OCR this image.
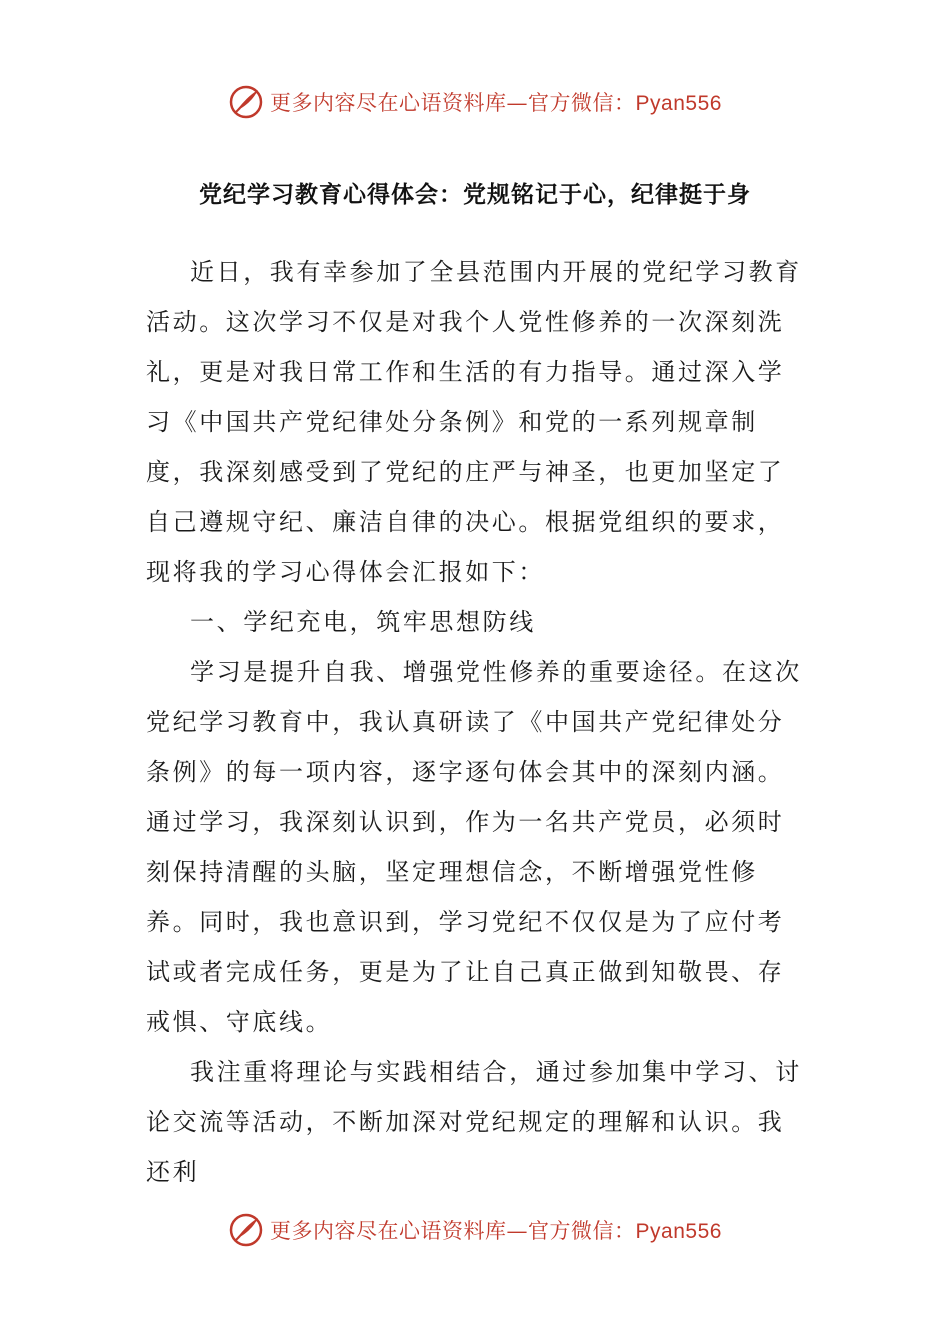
更多内容尽在心语资料库— 官方微信：Pyan556
党纪学习教育心得体会：党规铭记于心，纪律挺于身

近日，我有幸参加了全县范围内开展的党纪学习教育活动。这次学习不仅是对我个人党性修养的一次深刻洗礼，更是对我日常工作和生活的有力指导。通过深入学习《中国共产党纪律处分条例》和党的一系列规章制度，我深刻感受到了党纪的庄严与神圣，也更加坚定了自己遵规守纪、廉洁自律的决心。根据党组织的要求，现将我的学习心得体会汇报如下：

一、学纪充电，筑牢思想防线

学习是提升自我、增强党性修养的重要途径。在这次党纪学习教育中，我认真研读了《中国共产党纪律处分条例》的每一项内容，逐字逐句体会其中的深刻内涵。通过学习，我深刻认识到，作为一名共产党员，必须时刻保持清醒的头脑，坚定理想信念，不断增强党性修养。同时，我也意识到，学习党纪不仅仅是为了应付考试或者完成任务，更是为了让自己真正做到知敬畏、存戒惧、守底线。

我注重将理论与实践相结合，通过参加集中学习、讨论交流等活动，不断加深对党纪规定的理解和认识。我还利

更多内容尽在心语资料库— 官方微信：Pyan556
